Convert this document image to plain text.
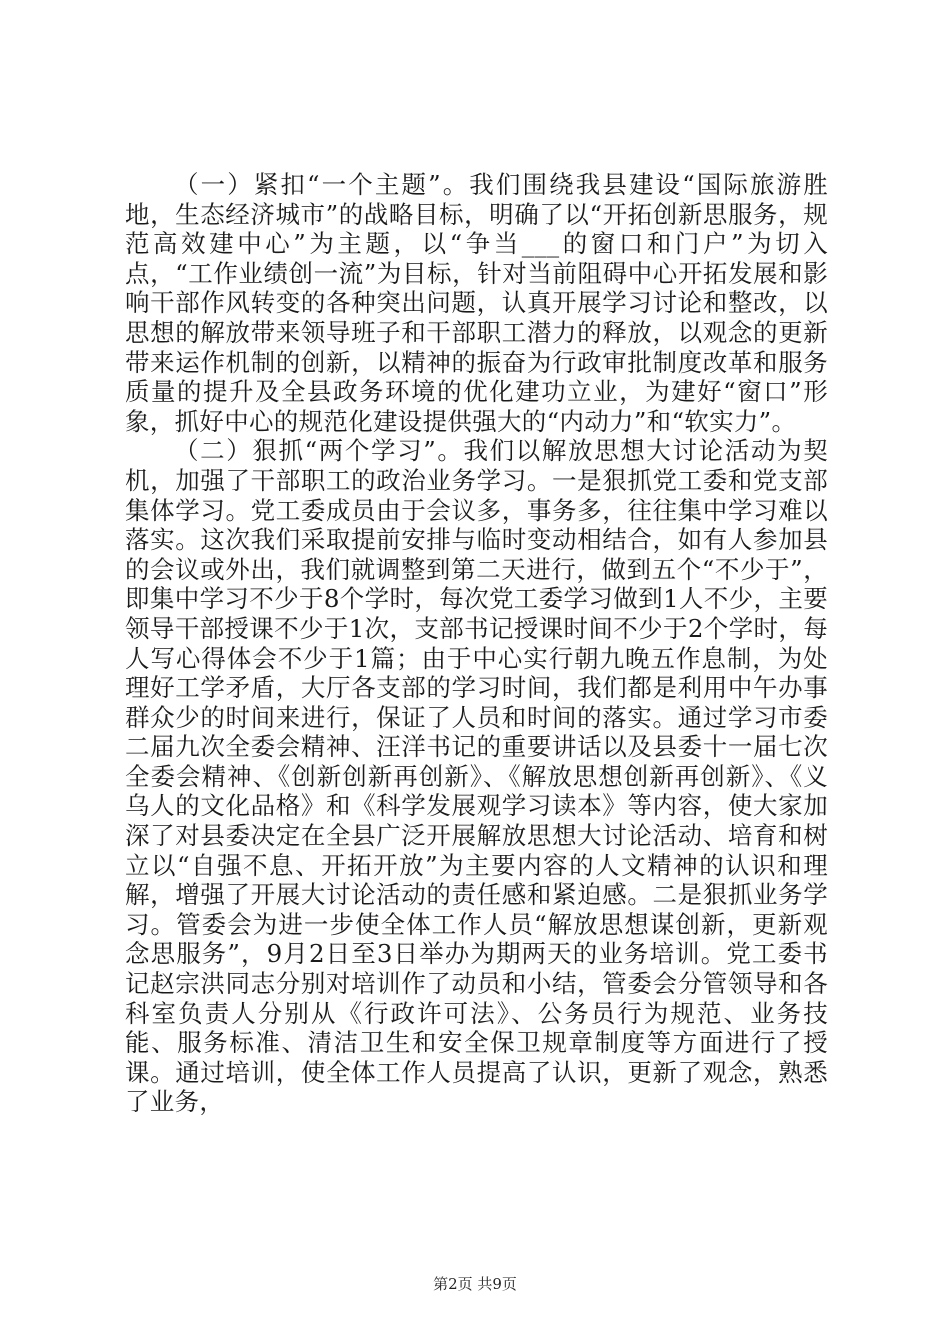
（一）紧扣“一个主题”。我们围绕我县建设“国际旅游胜地，生态经济城市”的战略目标，明确了以“开拓创新思服务，规范高效建中心”为主题，以“争当___的窗口和门户”为切入点，“工作业绩创一流”为目标，针对当前阻碍中心开拓发展和影响干部作风转变的各种突出问题，认真开展学习讨论和整改，以思想的解放带来领导班子和干部职工潜力的释放，以观念的更新带来运作机制的创新，以精神的振奋为行政审批制度改革和服务质量的提升及全县政务环境的优化建功立业，为建好“窗口”形象，抓好中心的规范化建设提供强大的“内动力”和“软实力”。

（二）狠抓“两个学习”。我们以解放思想大讨论活动为契机，加强了干部职工的政治业务学习。一是狠抓党工委和党支部集体学习。党工委成员由于会议多，事务多，往往集中学习难以落实。这次我们采取提前安排与临时变动相结合，如有人参加县的会议或外出，我们就调整到第二天进行，做到五个“不少于”，即集中学习不少于8个学时，每次党工委学习做到1人不少，主要领导干部授课不少于1次，支部书记授课时间不少于2个学时，每人写心得体会不少于1篇；由于中心实行朝九晚五作息制，为处理好工学矛盾，大厅各支部的学习时间，我们都是利用中午办事群众少的时间来进行，保证了人员和时间的落实。通过学习市委二届九次全委会精神、汪洋书记的重要讲话以及县委十一届七次全委会精神、《创新创新再创新》、《解放思想创新再创新》、《义乌人的文化品格》和《科学发展观学习读本》等内容，使大家加深了对县委决定在全县广泛开展解放思想大讨论活动、培育和树立以“自强不息、开拓开放”为主要内容的人文精神的认识和理解，增强了开展大讨论活动的责任感和紧迫感。二是狠抓业务学习。管委会为进一步使全体工作人员“解放思想谋创新，更新观念思服务”，9月2日至3日举办为期两天的业务培训。党工委书记赵宗洪同志分别对培训作了动员和小结，管委会分管领导和各科室负责人分别从《行政许可法》、公务员行为规范、业务技能、服务标准、清洁卫生和安全保卫规章制度等方面进行了授课。通过培训，使全体工作人员提高了认识，更新了观念，熟悉了业务，

第2页 共9页
